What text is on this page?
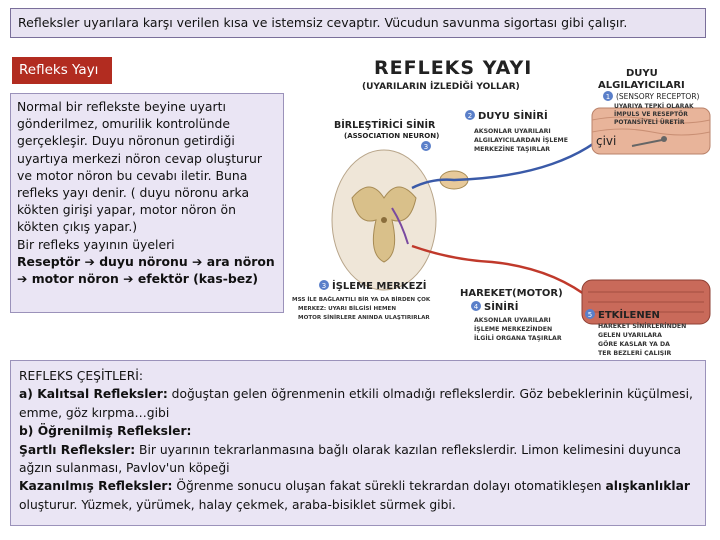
Refleksler uyarılara karşı verilen kısa ve istemsiz cevaptır. Vücudun savunma sigortası gibi çalışır.
Refleks Yayı

Normal bir reflekste beyine uyartı gönderilmez, omurilik kontrolünde gerçekleşir. Duyu nöronun getirdiği uyartıya merkezi nöron cevap oluşturur ve motor nöron bu cevabı iletir. Buna refleks yayı denir. ( duyu nöronu arka kökten girişi yapar, motor nöron ön kökten çıkış yapar.)

Bir refleks yayının üyeleri

Reseptör ➔ duyu nöronu ➔ ara nöron
➔ motor nöron ➔ efektör (kas-bez)

REFLEKS YAYI
(UYARILARIN İZLEDİĞİ YOLLAR)
DUYU
ALGILAYICILARI
1 (SENSORY RECEPTOR)
UYARIYA TEPKİ OLARAK
İMPULS VE RESEPTÖR
POTANSİYELİ ÜRETİR
BİRLEŞTİRİCİ SİNİR
(ASSOCIATION NEURON)
3
2 DUYU SİNİRİ
AKSONLAR UYARILARI
ALGILAYICILARDAN İŞLEME
MERKEZİNE TAŞIRLAR
çivi
3 İŞLEME MERKEZİ
MSS İLE BAĞLANTILI BİR YA DA BİRDEN ÇOK
MERKEZ: UYARI BİLGİSİ HEMEN
MOTOR SİNİRLERE ANINDA ULAŞTIRIRLAR
HAREKET(MOTOR)
4 SİNİRİ
AKSONLAR UYARILARI
İŞLEME MERKEZİNDEN
İLGİLİ ORGANA TAŞIRLAR
5 ETKİLENEN
HAREKET SİNİRLERİNDEN
GELEN UYARILARA
GÖRE KASLAR YA DA
TER BEZLERİ ÇALIŞIR

REFLEKS ÇEŞİTLERİ:

a) Kalıtsal Refleksler: doğuştan gelen öğrenmenin etkili olmadığı reflekslerdir. Göz bebeklerinin küçülmesi, emme, göz kırpma…gibi

b) Öğrenilmiş Refleksler:

Şartlı Refleksler: Bir uyarının tekrarlanmasına bağlı olarak kazılan reflekslerdir. Limon kelimesini duyunca ağzın sulanması, Pavlov'un köpeği

Kazanılmış Refleksler: Öğrenme sonucu oluşan fakat sürekli tekrardan dolayı otomatikleşen alışkanlıklar oluşturur. Yüzmek, yürümek, halay çekmek, araba-bisiklet sürmek gibi.
